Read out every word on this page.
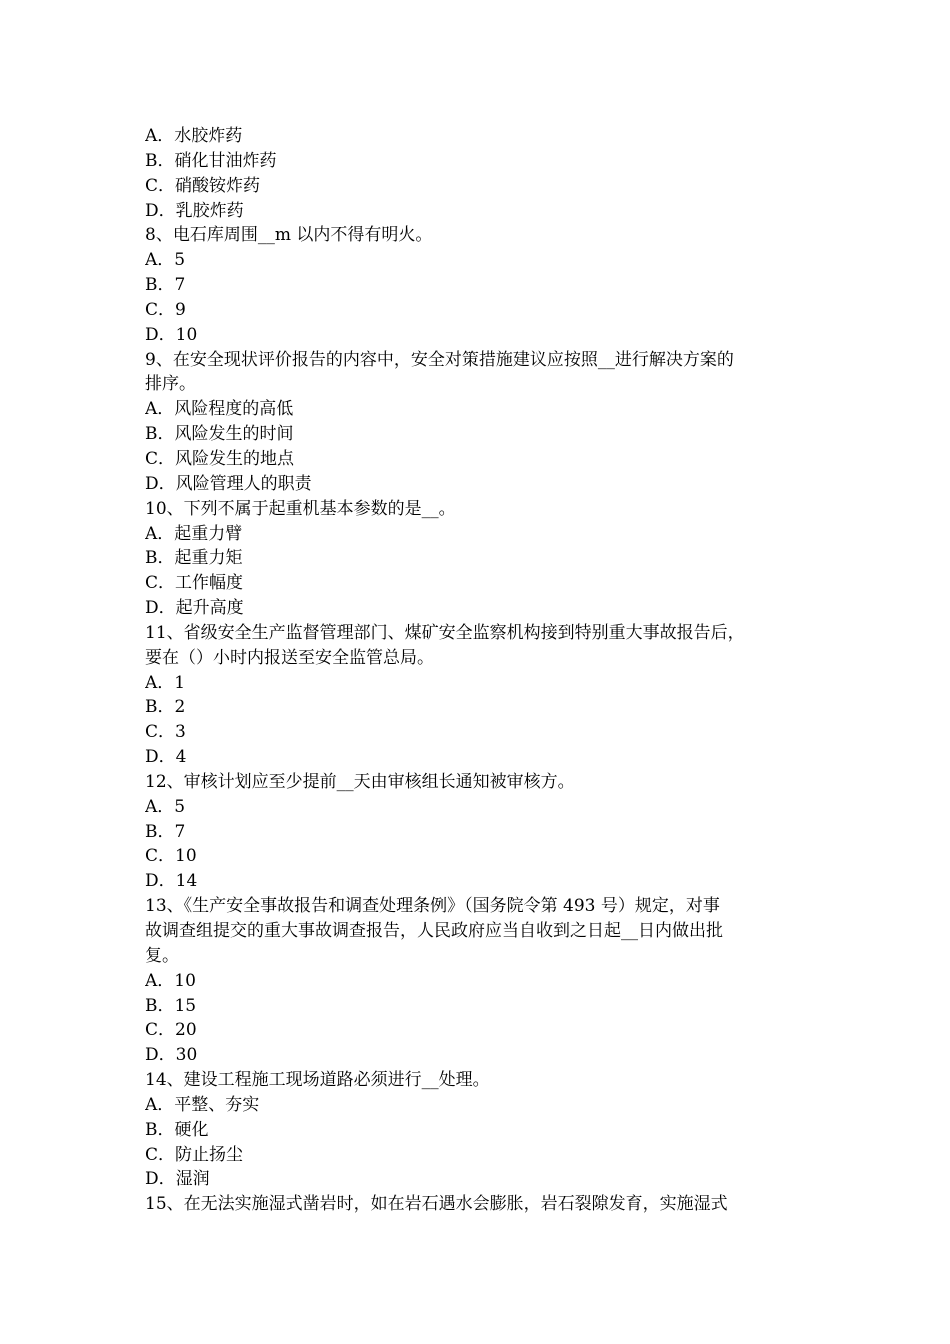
A．水胶炸药
B．硝化甘油炸药
C．硝酸铵炸药
D．乳胶炸药
8、电石库周围__m 以内不得有明火。
A．5
B．7
C．9
D．10
9、在安全现状评价报告的内容中，安全对策措施建议应按照__进行解决方案的
排序。
A．风险程度的高低
B．风险发生的时间
C．风险发生的地点
D．风险管理人的职责
10、下列不属于起重机基本参数的是__。
A．起重力臂
B．起重力矩
C．工作幅度
D．起升高度
11、省级安全生产监督管理部门、煤矿安全监察机构接到特别重大事故报告后，
要在（）小时内报送至安全监管总局。
A．1
B．2
C．3
D．4
12、审核计划应至少提前__天由审核组长通知被审核方。
A．5
B．7
C．10
D．14
13、《生产安全事故报告和调查处理条例》（国务院令第 493 号）规定，对事
故调查组提交的重大事故调查报告，人民政府应当自收到之日起__日内做出批
复。
A．10
B．15
C．20
D．30
14、建设工程施工现场道路必须进行__处理。
A．平整、夯实
B．硬化
C．防止扬尘
D．湿润
15、在无法实施湿式凿岩时，如在岩石遇水会膨胀，岩石裂隙发育，实施湿式
